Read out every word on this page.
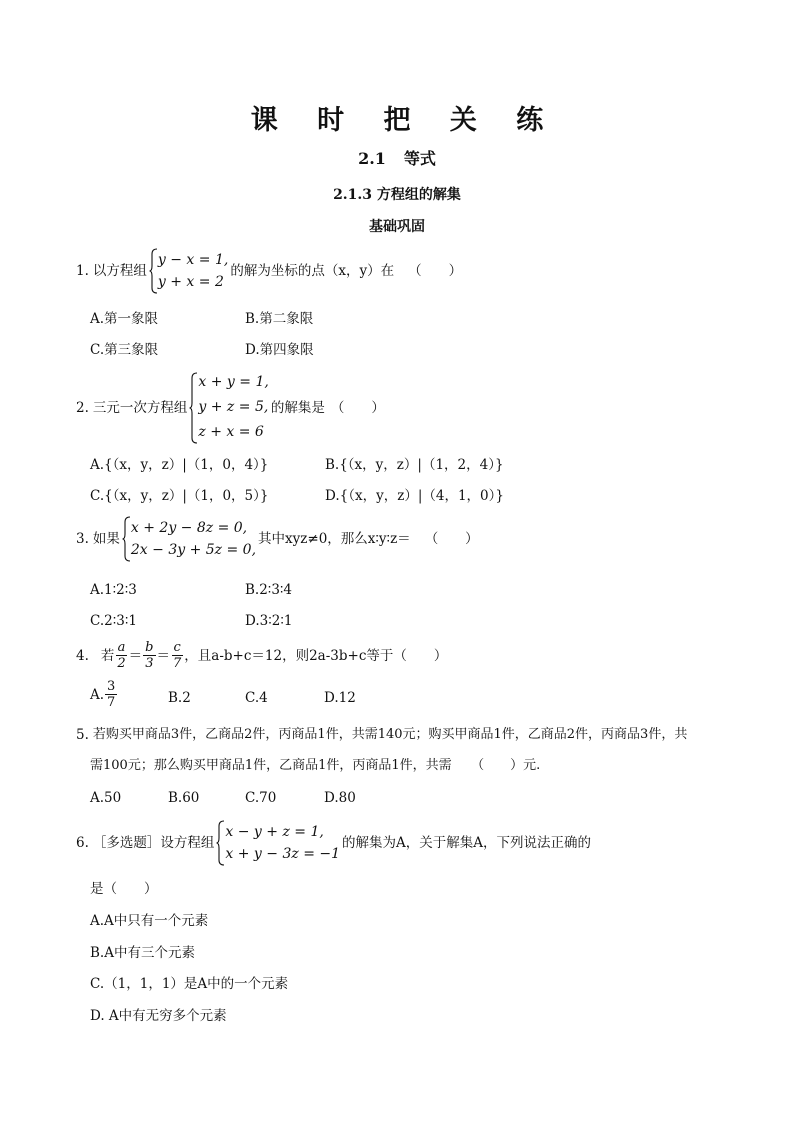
课 时 把 关 练
2.1 等式
2.1.3 方程组的解集
基础巩固
1. 以方程组
y − x = 1,
y + x = 2
的解为坐标的点（x，y）在 （　　）
A.第一象限	B.第二象限
C.第三象限	D.第四象限
2. 三元一次方程组
x + y = 1,
y + z = 5,
z + x = 6
的解集是 （　　）
A.{（x，y，z）|（1，0，4）}	B.{（x，y，z）|（1，2，4）}
C.{（x，y，z）|（1，0，5）}	D.{（x，y，z）|（4，1，0）}
3. 如果
x + 2y − 8z = 0,
2x − 3y + 5z = 0,
其中xyz≠0，那么x∶y∶z＝ （　　）
A.1∶2∶3	B.2∶3∶4
C.2∶3∶1	D.3∶2∶1
4. 若 $\frac{a}{2} = \frac{b}{3} = \frac{c}{7}$ ，且a-b+c＝12，则2a-3b+c等于（　　）
A. $\frac{3}{7}$	B.2	C.4	D.12
5. 若购买甲商品3件，乙商品2件，丙商品1件，共需140元；购买甲商品1件，乙商品2件，丙商品3件，共
需100元；那么购买甲商品1件，乙商品1件，丙商品1件，共需　　（　　）元.
A.50	B.60	C.70	D.80
6. ［多选题］设方程组
x − y + z = 1,
x + y − 3z = −1
的解集为A，关于解集A，下列说法正确的
是（　　）
A.A中只有一个元素
B.A中有三个元素
C.（1，1，1）是A中的一个元素
D. A中有无穷多个元素
